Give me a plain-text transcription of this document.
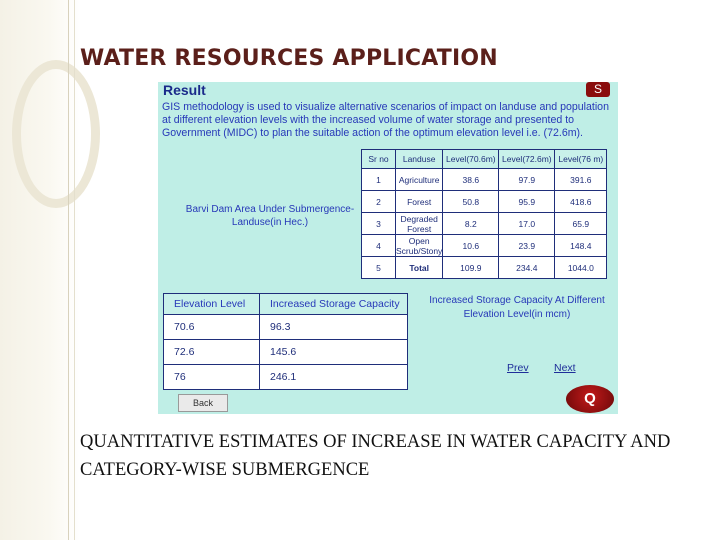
WATER RESOURCES APPLICATION
Result	S
GIS methodology is used to visualize alternative scenarios of impact on landuse and population at different elevation levels with the increased volume of water storage and presented to Government (MIDC) to plan the suitable action of the optimum elevation level i.e. (72.6m).
Barvi Dam Area Under Submergence-Landuse(in Hec.)
Sr no	Landuse	Level(70.6m)	Level(72.6m)	Level(76 m)
1	Agriculture	38.6	97.9	391.6
2	Forest	50.8	95.9	418.6
3	Degraded Forest	8.2	17.0	65.9
4	Open Scrub/Stony	10.6	23.9	148.4
5	Total	109.9	234.4	1044.0
Elevation Level	Increased Storage Capacity
70.6	96.3
72.6	145.6
76	246.1
Increased Storage Capacity At Different Elevation Level(in mcm)
Prev Next
Back	Q
QUANTITATIVE ESTIMATES OF INCREASE IN WATER CAPACITY AND CATEGORY-WISE SUBMERGENCE
